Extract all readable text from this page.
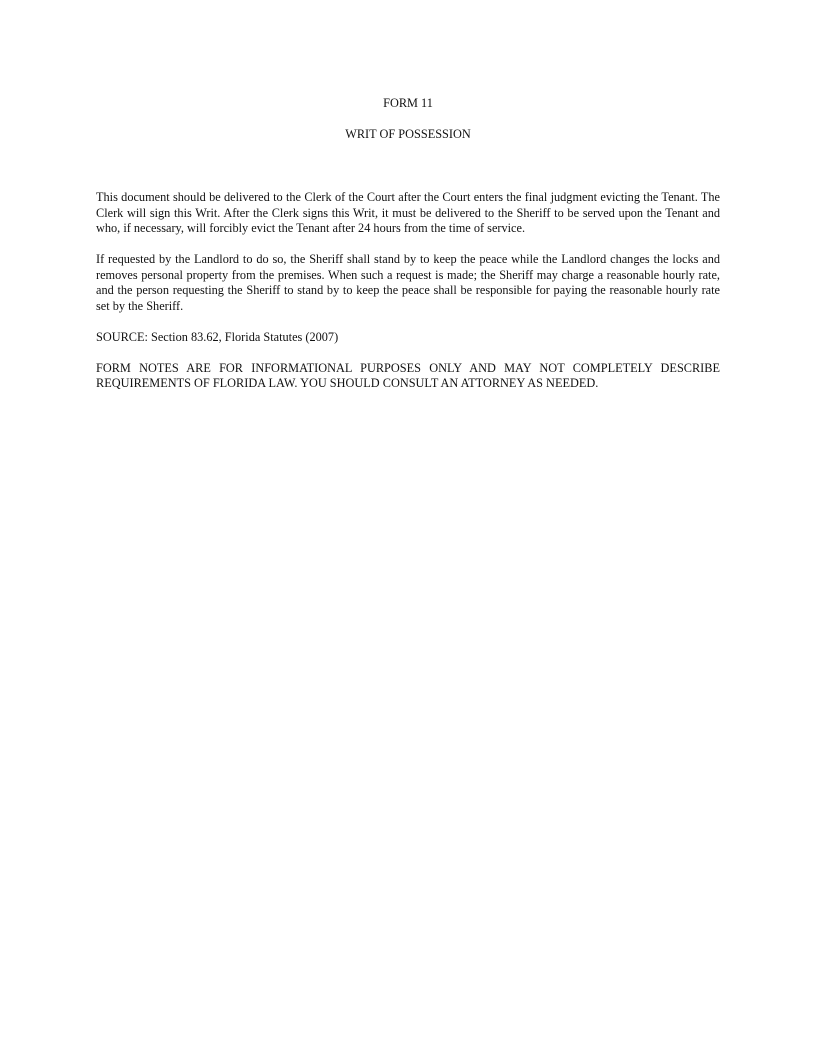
FORM 11
WRIT OF POSSESSION

This document should be delivered to the Clerk of the Court after the Court enters the final judgment evicting the Tenant. The Clerk will sign this Writ. After the Clerk signs this Writ, it must be delivered to the Sheriff to be served upon the Tenant and who, if necessary, will forcibly evict the Tenant after 24 hours from the time of service.

If requested by the Landlord to do so, the Sheriff shall stand by to keep the peace while the Landlord changes the locks and removes personal property from the premises. When such a request is made; the Sheriff may charge a reasonable hourly rate, and the person requesting the Sheriff to stand by to keep the peace shall be responsible for paying the reasonable hourly rate set by the Sheriff.

SOURCE: Section 83.62, Florida Statutes (2007)

FORM NOTES ARE FOR INFORMATIONAL PURPOSES ONLY AND MAY NOT COMPLETELY DESCRIBE REQUIREMENTS OF FLORIDA LAW. YOU SHOULD CONSULT AN ATTORNEY AS NEEDED.
